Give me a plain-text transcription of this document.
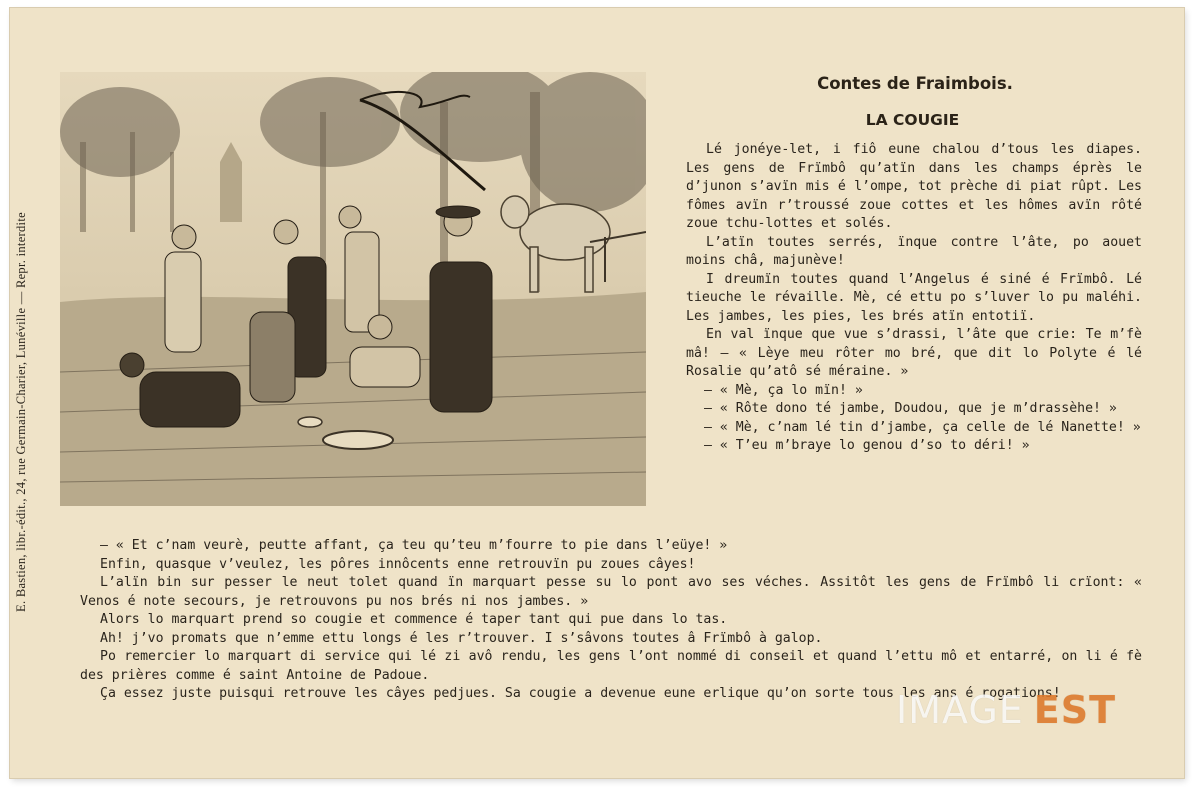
E. Bastien, libr.-édit., 24, rue Germain-Charier, Lunéville — Repr. interdite
Contes de Fraimbois.
LA COUGIE

Lé jonéye-let, i fiô eune chalou d’tous les diapes. Les gens de Frïmbô qu’atïn dans les champs éprès le d’junon s’avïn mis é l’ompe, tot prèche di piat rûpt. Les fômes avïn r’troussé zoue cottes et les hômes avïn rôté zoue tchu-lottes et solés.

L’atïn toutes serrés, ïnque contre l’âte, po aouet moins châ, majunève!

I dreumïn toutes quand l’Angelus é siné é Frïmbô. Lé tieuche le révaille. Mè, cé ettu po s’luver lo pu maléhi. Les jambes, les pies, les brés atïn entotiï.

En val ïnque que vue s’drassi, l’âte que crie: Te m’fè mâ! — « Lèye meu rôter mo bré, que dit lo Polyte é lé Rosalie qu’atô sé méraine. »

— « Mè, ça lo mïn! »

— « Rôte dono té jambe, Doudou, que je m’drassèhe! »

— « Mè, c’nam lé tin d’jambe, ça celle de lé Nanette! »

— « T’eu m’braye lo genou d’so to déri! »

— « Et c’nam veurè, peutte affant, ça teu qu’teu m’fourre to pie dans l’eüye! »

Enfin, quasque v’veulez, les pôres innôcents enne retrouvïn pu zoues câyes!

L’alïn bin sur pesser le neut tolet quand ïn marquart pesse su lo pont avo ses véches. Assitôt les gens de Frïmbô li crïont: « Venos é note secours, je retrouvons pu nos brés ni nos jambes. »

Alors lo marquart prend so cougie et commence é taper tant qui pue dans lo tas.

Ah! j’vo promats que n’emme ettu longs é les r’trouver. I s’sâvons toutes â Frïmbô à galop.

Po remercier lo marquart di service qui lé zi avô rendu, les gens l’ont nommé di conseil et quand l’ettu mô et entarré, on li é fè des prières comme é saint Antoine de Padoue.

Ça essez juste puisqui retrouve les câyes pedjues. Sa cougie a devenue eune erlique qu’on sorte tous les ans é rogations!

IMAGE EST
